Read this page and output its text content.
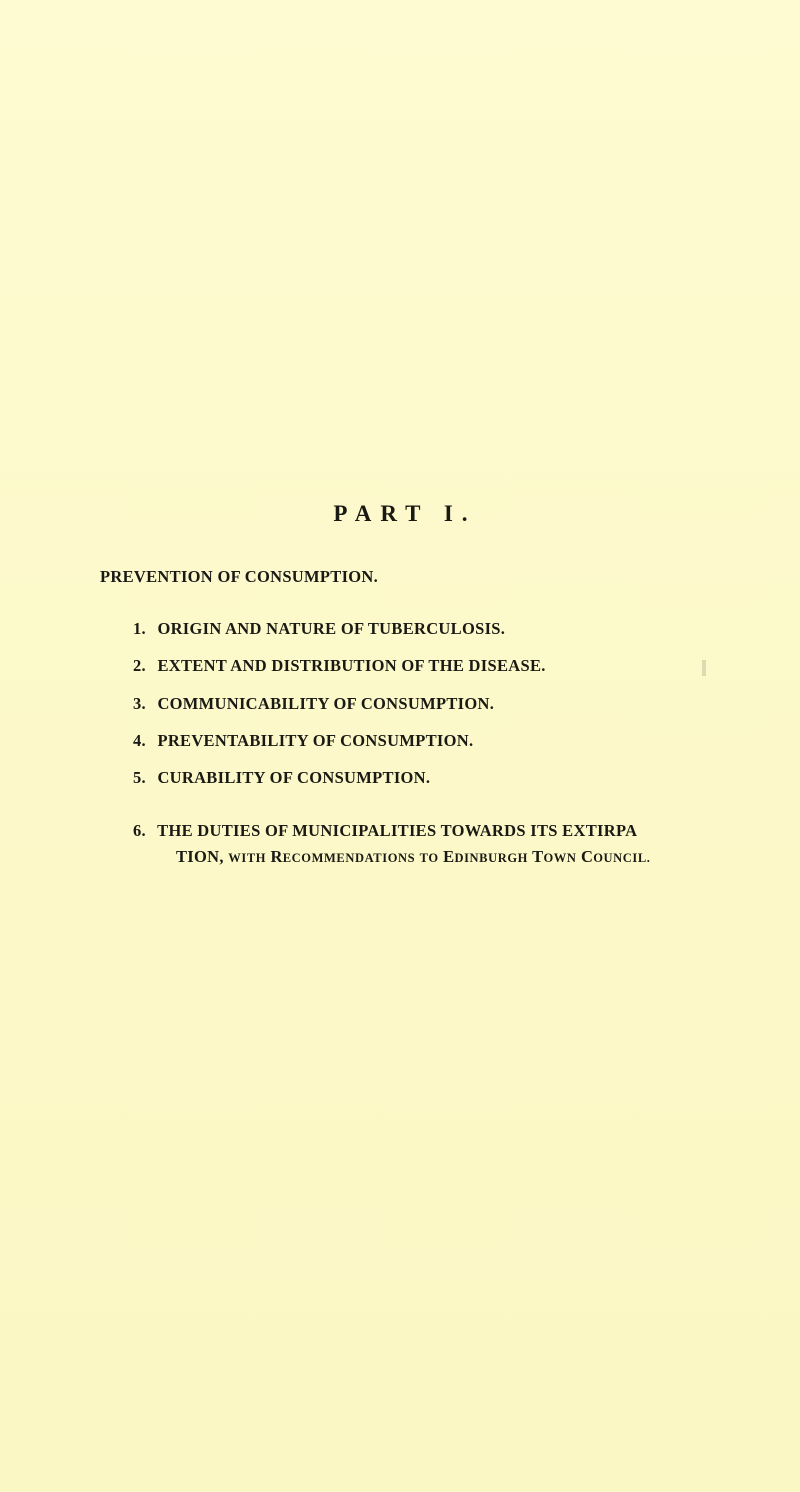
PART I.
PREVENTION OF CONSUMPTION.
1. ORIGIN AND NATURE OF TUBERCULOSIS.
2. EXTENT AND DISTRIBUTION OF THE DISEASE.
3. COMMUNICABILITY OF CONSUMPTION.
4. PREVENTABILITY OF CONSUMPTION.
5. CURABILITY OF CONSUMPTION.
6. THE DUTIES OF MUNICIPALITIES TOWARDS ITS EXTIRPA
TION, WITH RECOMMENDATIONS TO EDINBURGH TOWN COUNCIL.
